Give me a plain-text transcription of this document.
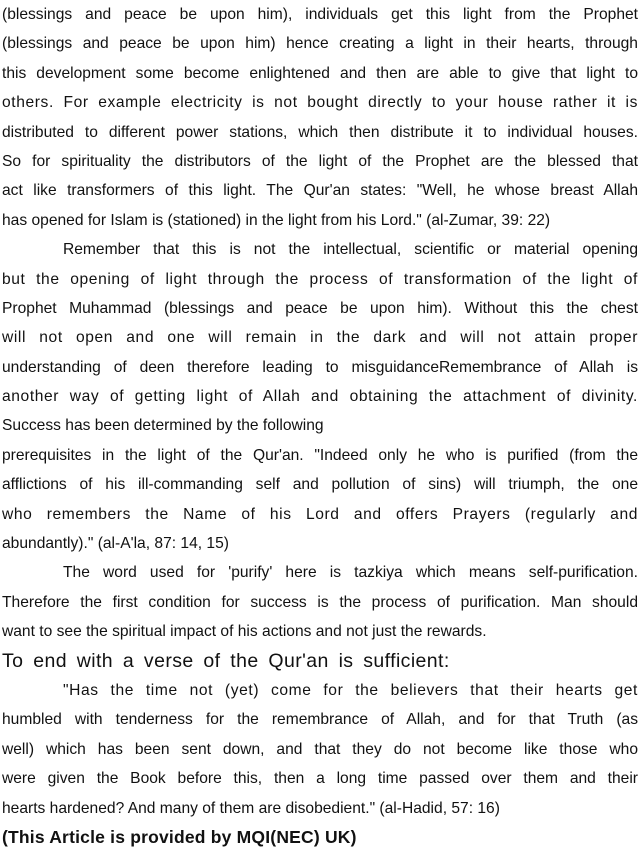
(blessings and peace be upon him), individuals get this light from the Prophet
(blessings and peace be upon him) hence creating a light in their hearts, through
this development some become enlightened and then are able to give that light to
others. For example electricity is not bought directly to your house rather it is
distributed to different power stations, which then distribute it to individual houses.
So for spirituality the distributors of the light of the Prophet are the blessed that
act like transformers of this light. The Qur'an states: "Well, he whose breast Allah
has opened for Islam is (stationed) in the light from his Lord." (al-Zumar, 39: 22)
Remember that this is not the intellectual, scientific or material opening
but the opening of light through the process of transformation of the light of
Prophet Muhammad (blessings and peace be upon him). Without this the chest
will not open and one will remain in the dark and will not attain proper
understanding of deen therefore leading to misguidanceRemembrance of Allah is
another way of getting light of Allah and obtaining the attachment of divinity.
Success has been determined by the following
prerequisites in the light of the Qur'an. "Indeed only he who is purified (from the
afflictions of his ill-commanding self and pollution of sins) will triumph, the one
who remembers the Name of his Lord and offers Prayers (regularly and
abundantly)." (al-A'la, 87: 14, 15)
The word used for 'purify' here is tazkiya which means self-purification.
Therefore the first condition for success is the process of purification. Man should
want to see the spiritual impact of his actions and not just the rewards.
To end with a verse of the Qur'an is sufficient:
"Has the time not (yet) come for the believers that their hearts get
humbled with tenderness for the remembrance of Allah, and for that Truth (as
well) which has been sent down, and that they do not become like those who
were given the Book before this, then a long time passed over them and their
hearts hardened? And many of them are disobedient." (al-Hadid, 57: 16)
(This Article is provided by MQI(NEC) UK)
